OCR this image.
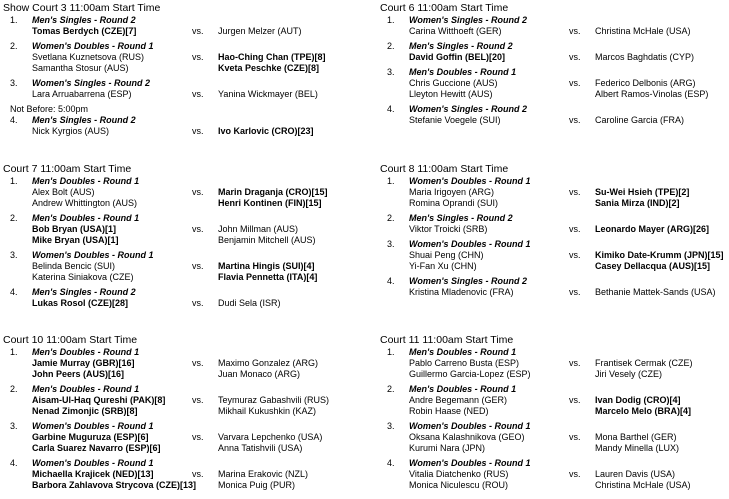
Show Court 3 11:00am Start Time
1. Men's Singles - Round 2
Tomas Berdych (CZE)[7]	vs. Jurgen Melzer (AUT)
2. Women's Doubles - Round 1
Svetlana Kuznetsova (RUS)
Samantha Stosur (AUS)
vs. Hao-Ching Chan (TPE)[8]
Kveta Peschke (CZE)[8]
3. Women's Singles - Round 2
Lara Arruabarrena (ESP)	vs. Yanina Wickmayer (BEL)
Not Before: 5:00pm
4. Men's Singles - Round 2
Nick Kyrgios (AUS)	vs. Ivo Karlovic (CRO)[23]
Court 6 11:00am Start Time
1. Women's Singles - Round 2
Carina Witthoeft (GER)	vs. Christina McHale (USA)
2. Men's Singles - Round 2
David Goffin (BEL)[20]	vs. Marcos Baghdatis (CYP)
3. Men's Doubles - Round 1
Chris Guccione (AUS)
Lleyton Hewitt (AUS)
vs. Federico Delbonis (ARG)
Albert Ramos-Vinolas (ESP)
4. Women's Singles - Round 2
Stefanie Voegele (SUI)	vs. Caroline Garcia (FRA)
Court 7 11:00am Start Time
1. Men's Doubles - Round 1
Alex Bolt (AUS)
Andrew Whittington (AUS)
vs. Marin Draganja (CRO)[15]
Henri Kontinen (FIN)[15]
2. Men's Doubles - Round 1
Bob Bryan (USA)[1]
Mike Bryan (USA)[1]
vs. John Millman (AUS)
Benjamin Mitchell (AUS)
3. Women's Doubles - Round 1
Belinda Bencic (SUI)
Katerina Siniakova (CZE)
vs. Martina Hingis (SUI)[4]
Flavia Pennetta (ITA)[4]
4. Men's Singles - Round 2
Lukas Rosol (CZE)[28]	vs. Dudi Sela (ISR)
Court 8 11:00am Start Time
1. Women's Doubles - Round 1
Maria Irigoyen (ARG)
Romina Oprandi (SUI)
vs. Su-Wei Hsieh (TPE)[2]
Sania Mirza (IND)[2]
2. Men's Singles - Round 2
Viktor Troicki (SRB)	vs. Leonardo Mayer (ARG)[26]
3. Women's Doubles - Round 1
Shuai Peng (CHN)
Yi-Fan Xu (CHN)
vs. Kimiko Date-Krumm (JPN)[15]
Casey Dellacqua (AUS)[15]
4. Women's Singles - Round 2
Kristina Mladenovic (FRA)	vs. Bethanie Mattek-Sands (USA)
Court 10 11:00am Start Time
1. Men's Doubles - Round 1
Jamie Murray (GBR)[16]
John Peers (AUS)[16]
vs. Maximo Gonzalez (ARG)
Juan Monaco (ARG)
2. Men's Doubles - Round 1
Aisam-Ul-Haq Qureshi (PAK)[8]
Nenad Zimonjic (SRB)[8]
vs. Teymuraz Gabashvili (RUS)
Mikhail Kukushkin (KAZ)
3. Women's Doubles - Round 1
Garbine Muguruza (ESP)[6]
Carla Suarez Navarro (ESP)[6]
vs. Varvara Lepchenko (USA)
Anna Tatishvili (USA)
4. Women's Doubles - Round 1
Michaella Krajicek (NED)[13]
Barbora Zahlavova Strycova (CZE)[13]
vs. Marina Erakovic (NZL)
Monica Puig (PUR)
Court 11 11:00am Start Time
1. Men's Doubles - Round 1
Pablo Carreno Busta (ESP)
Guillermo Garcia-Lopez (ESP)
vs. Frantisek Cermak (CZE)
Jiri Vesely (CZE)
2. Men's Doubles - Round 1
Andre Begemann (GER)
Robin Haase (NED)
vs. Ivan Dodig (CRO)[4]
Marcelo Melo (BRA)[4]
3. Women's Doubles - Round 1
Oksana Kalashnikova (GEO)
Kurumi Nara (JPN)
vs. Mona Barthel (GER)
Mandy Minella (LUX)
4. Women's Doubles - Round 1
Vitalia Diatchenko (RUS)
Monica Niculescu (ROU)
vs. Lauren Davis (USA)
Christina McHale (USA)
